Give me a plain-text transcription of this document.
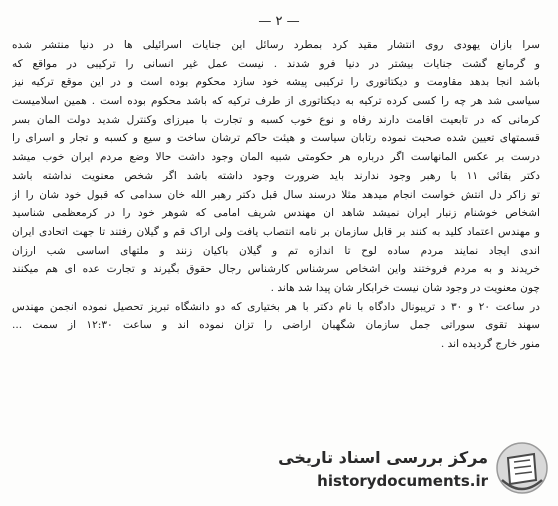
— ۲ —
سرا بازان یهودی روی انتشار مقید کرد بمطرد رسائل این جنایات اسرائیلی ها در دنیا منتشر شده
و گرمانع گشت جنایات بیشتر در دنیا فرو شدند . نیست عمل غیر انسانی را ترکیبی در مواقع که
باشد انجا بدهد مقاومت و دیکتاتوری را ترکیبی پیشه خود سازد محکوم بوده است و در این موقع ترکیه نیز
سیاسی شد هر چه را کسی کرده ترکیه به دیکتاتوری از طرف ترکیه که باشد محکوم بوده است . همین اسلامیست
کرمانی که در تابعیت اقامت دارند رفاه و نوع خوب کسبه و تجارت با میرزای وکنترل شدید دولت المان بسر
قسمتهای تعیین شده صحبت نموده رتابان سیاست و هیئت حاکم ترشان ساخت و سیع و کسبه و تجار و اسرای را
درست بر عکس المانهاست اگر درباره هر حکومتی شبیه المان وجود داشت حالا وضع مردم ایران خوب میشد
دکتر بقائی ۱۱ با رهبر وجود ندارند باید ضرورت وجود داشته باشد اگر شخص معنویت نداشته باشد
تو زاکر دل انتش خواست انجام میدهد مثلا درسند سال قبل دکتر رهبر الله خان سدامی که قبول خود شان را از
اشخاص خوشنام زنبار ایران نمیشد شاهد ان مهندس شریف امامی که شوهر خود را در کرمعظمی شناسید
و مهندس اعتماد کلید به کنند بر قابل سازمان بر نامه انتصاب یافت ولی اراک قم و گیلان رفتند تا جهت اتحادی ایران
اندی ایجاد نمایند مردم ساده لوح تا اندازه تم و گیلان باکیان زنند و ملتهای اساسی شب ارزان
خریدند و به مردم فروختند واین اشخاص سرشناس کارشناس رجال حقوق بگیرند و تجارت عده ای هم میکنند
چون معنویت در وجود شان نیست خرابکار شان پیدا شد هاند .
در ساعت ۲۰ و ۳۰ د تریبونال دادگاه با نام دکتر با هر بختیاری که دو دانشگاه تبریز تحصیل نموده انجمن مهندس
سهند تقوی سوراتی جمل سازمان شگهبان اراضی را تزان نموده اند و ساعت ۱۲:۳۰ از سمت ...
منور خارج گردیده اند .
مرکز بررسی اسناد تاریخی
historydocuments.ir
